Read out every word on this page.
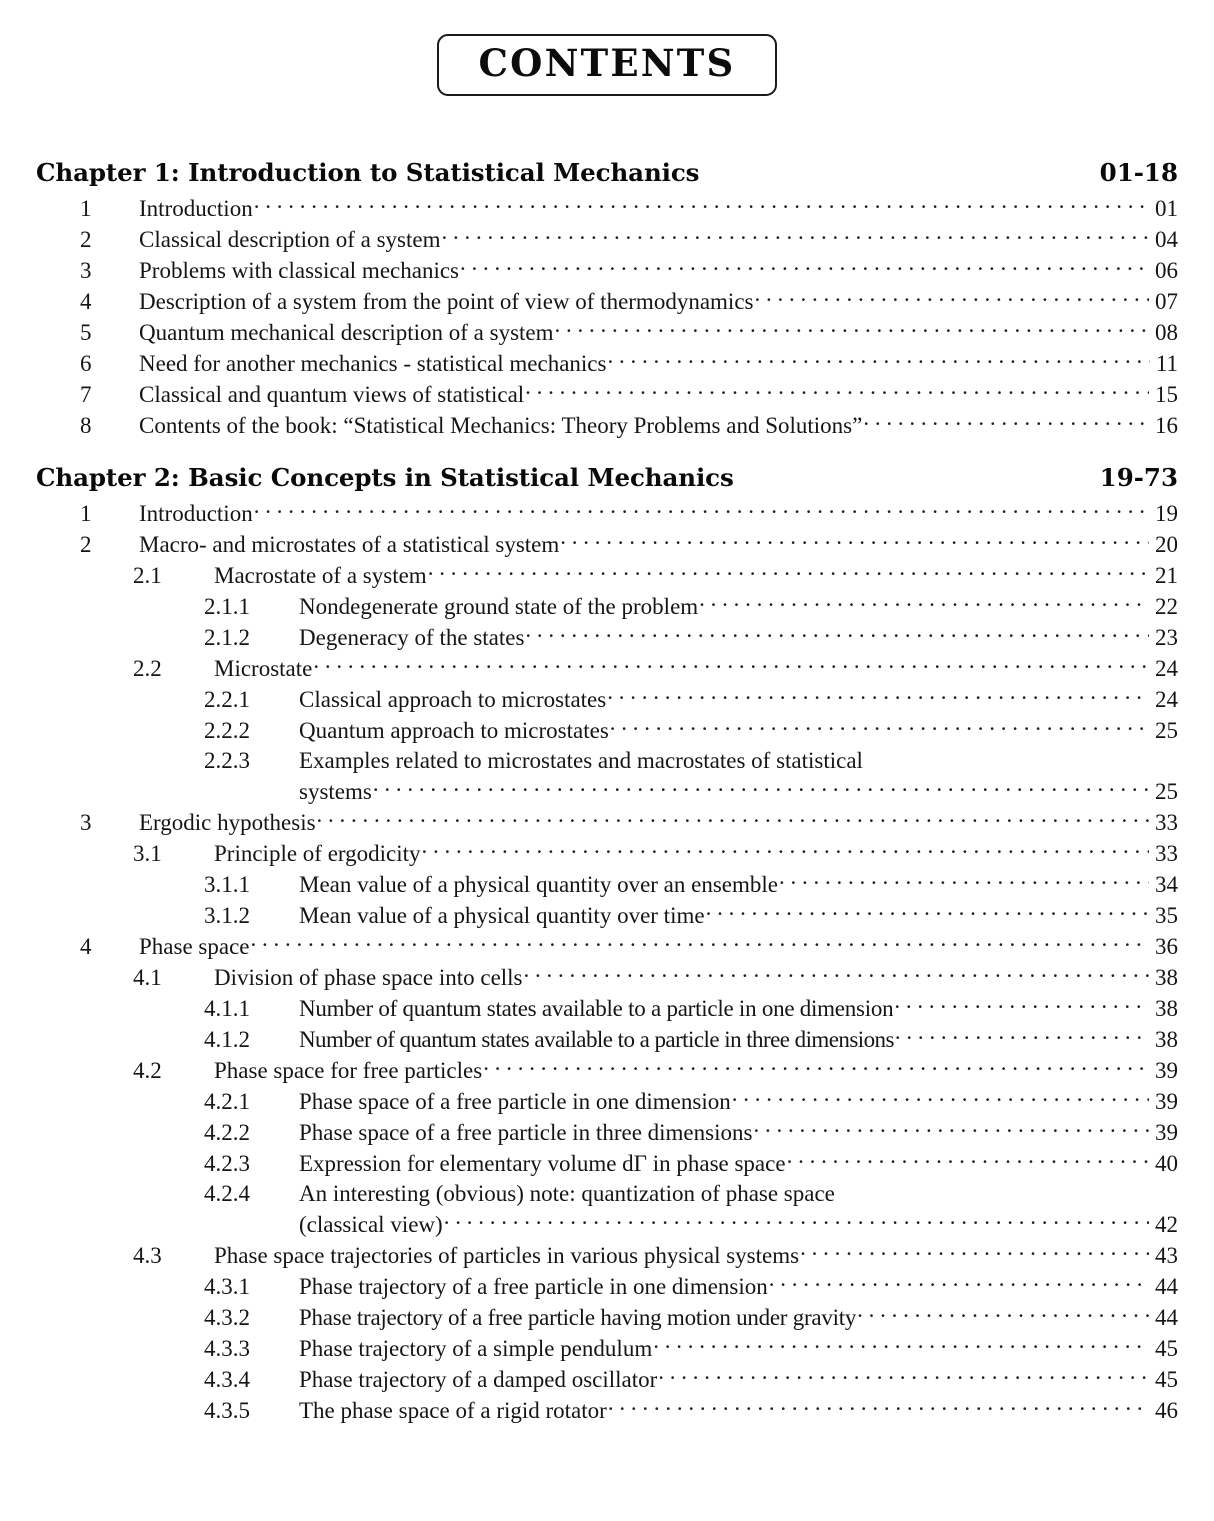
CONTENTS
Chapter 1: Introduction to Statistical Mechanics	01-18
1	Introduction . . .	01
2	Classical description of a system . . .	04
3	Problems with classical mechanics . . .	06
4	Description of a system from the point of view of thermodynamics . . .	07
5	Quantum mechanical description of a system . . .	08
6	Need for another mechanics - statistical mechanics . . .	11
7	Classical and quantum views of statistical . . .	15
8	Contents of the book: “Statistical Mechanics: Theory Problems and Solutions” . . .	16
Chapter 2: Basic Concepts in Statistical Mechanics	19-73
1	Introduction . . .	19
2	Macro- and microstates of a statistical system . . .	20
2.1	Macrostate of a system . . .	21
2.1.1	Nondegenerate ground state of the problem . . .	22
2.1.2	Degeneracy of the states . . .	23
2.2	Microstate . . .	24
2.2.1	Classical approach to microstates . . .	24
2.2.2	Quantum approach to microstates . . .	25
2.2.3	Examples related to microstates and macrostates of statistical
systems . . .	25
3	Ergodic hypothesis . . .	33
3.1	Principle of ergodicity . . .	33
3.1.1	Mean value of a physical quantity over an ensemble . . .	34
3.1.2	Mean value of a physical quantity over time . . .	35
4	Phase space . . .	36
4.1	Division of phase space into cells . . .	38
4.1.1	Number of quantum states available to a particle in one dimension . . .	38
4.1.2	Number of quantum states available to a particle in three dimensions . . .	38
4.2	Phase space for free particles . . .	39
4.2.1	Phase space of a free particle in one dimension . . .	39
4.2.2	Phase space of a free particle in three dimensions . . .	39
4.2.3	Expression for elementary volume dΓ in phase space . . .	40
4.2.4	An interesting (obvious) note: quantization of phase space
(classical view) . . .	42
4.3	Phase space trajectories of particles in various physical systems . . .	43
4.3.1	Phase trajectory of a free particle in one dimension . . .	44
4.3.2	Phase trajectory of a free particle having motion under gravity . . .	44
4.3.3	Phase trajectory of a simple pendulum . . .	45
4.3.4	Phase trajectory of a damped oscillator . . .	45
4.3.5	The phase space of a rigid rotator . . .	46
